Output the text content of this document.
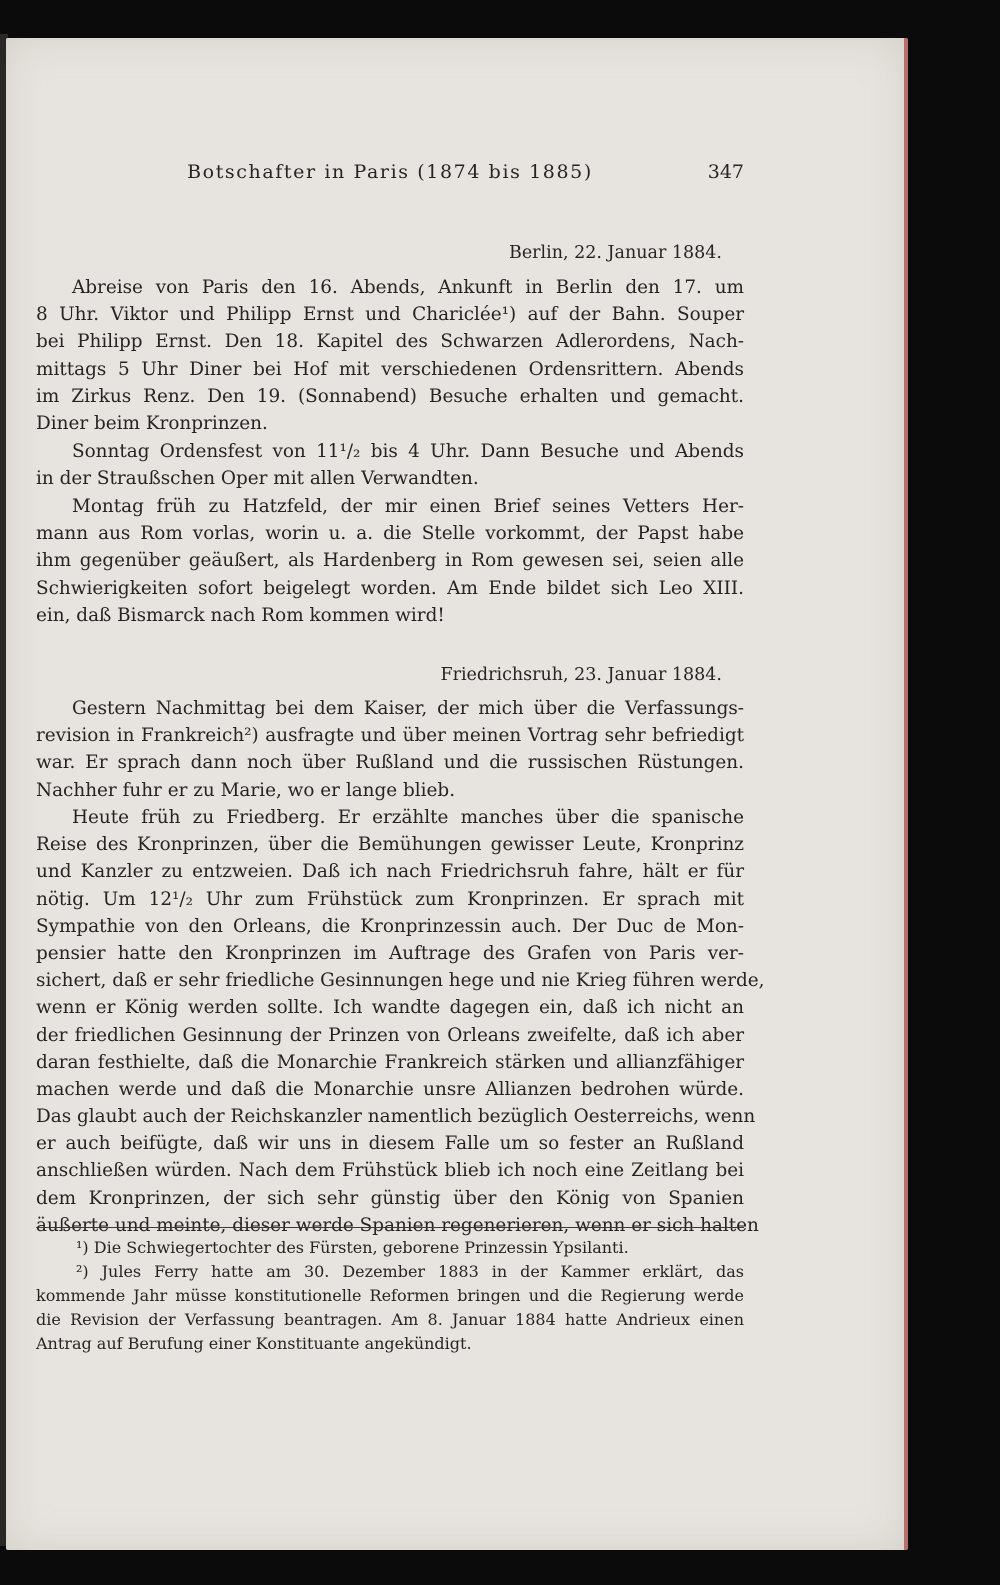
Botschafter in Paris (1874 bis 1885)	347
Berlin, 22. Januar 1884.
Abreise von Paris den 16. Abends, Ankunft in Berlin den 17. um
8 Uhr. Viktor und Philipp Ernst und Chariclée¹) auf der Bahn. Souper
bei Philipp Ernst. Den 18. Kapitel des Schwarzen Adlerordens, Nach-
mittags 5 Uhr Diner bei Hof mit verschiedenen Ordensrittern. Abends
im Zirkus Renz. Den 19. (Sonnabend) Besuche erhalten und gemacht.
Diner beim Kronprinzen.
Sonntag Ordensfest von 11¹/₂ bis 4 Uhr. Dann Besuche und Abends
in der Straußschen Oper mit allen Verwandten.
Montag früh zu Hatzfeld, der mir einen Brief seines Vetters Her-
mann aus Rom vorlas, worin u. a. die Stelle vorkommt, der Papst habe
ihm gegenüber geäußert, als Hardenberg in Rom gewesen sei, seien alle
Schwierigkeiten sofort beigelegt worden. Am Ende bildet sich Leo XIII.
ein, daß Bismarck nach Rom kommen wird!
Friedrichsruh, 23. Januar 1884.
Gestern Nachmittag bei dem Kaiser, der mich über die Verfassungs-
revision in Frankreich²) ausfragte und über meinen Vortrag sehr befriedigt
war. Er sprach dann noch über Rußland und die russischen Rüstungen.
Nachher fuhr er zu Marie, wo er lange blieb.
Heute früh zu Friedberg. Er erzählte manches über die spanische
Reise des Kronprinzen, über die Bemühungen gewisser Leute, Kronprinz
und Kanzler zu entzweien. Daß ich nach Friedrichsruh fahre, hält er für
nötig. Um 12¹/₂ Uhr zum Frühstück zum Kronprinzen. Er sprach mit
Sympathie von den Orleans, die Kronprinzessin auch. Der Duc de Mon-
pensier hatte den Kronprinzen im Auftrage des Grafen von Paris ver-
sichert, daß er sehr friedliche Gesinnungen hege und nie Krieg führen werde,
wenn er König werden sollte. Ich wandte dagegen ein, daß ich nicht an
der friedlichen Gesinnung der Prinzen von Orleans zweifelte, daß ich aber
daran festhielte, daß die Monarchie Frankreich stärken und allianzfähiger
machen werde und daß die Monarchie unsre Allianzen bedrohen würde.
Das glaubt auch der Reichskanzler namentlich bezüglich Oesterreichs, wenn
er auch beifügte, daß wir uns in diesem Falle um so fester an Rußland
anschließen würden. Nach dem Frühstück blieb ich noch eine Zeitlang bei
dem Kronprinzen, der sich sehr günstig über den König von Spanien
äußerte und meinte, dieser werde Spanien regenerieren, wenn er sich halten
¹) Die Schwiegertochter des Fürsten, geborene Prinzessin Ypsilanti.
²) Jules Ferry hatte am 30. Dezember 1883 in der Kammer erklärt, das
kommende Jahr müsse konstitutionelle Reformen bringen und die Regierung werde
die Revision der Verfassung beantragen. Am 8. Januar 1884 hatte Andrieux einen
Antrag auf Berufung einer Konstituante angekündigt.
